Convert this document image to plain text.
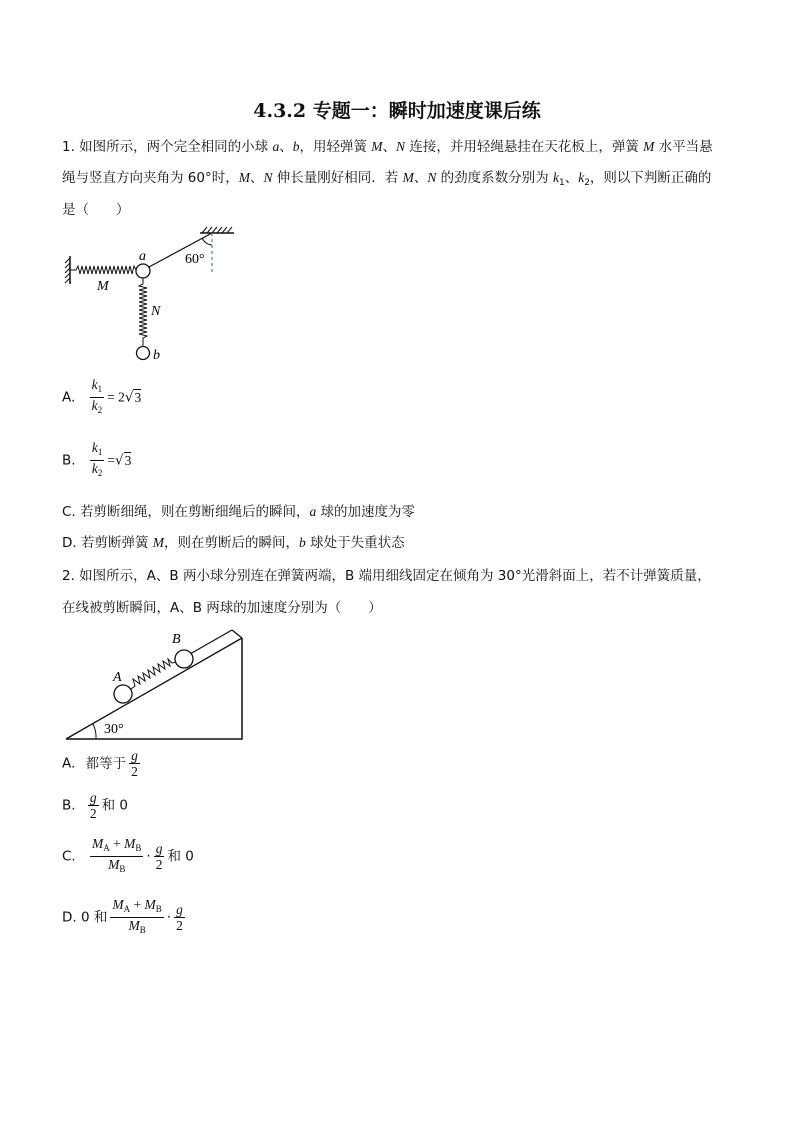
4.3.2 专题一：瞬时加速度课后练
1. 如图所示，两个完全相同的小球 a、b，用轻弹簧 M、N 连接，并用轻绳悬挂在天花板上，弹簧 M 水平当悬
绳与竖直方向夹角为 60°时，M、N 伸长量刚好相同．若 M、N 的劲度系数分别为 $k_1$、$k_2$，则以下判断正确的
是（　　）
a
M
60°
N
b
A. $\frac{k_1}{k_2} = 2√3$
B. $\frac{k_1}{k_2} =√3$
C. 若剪断细绳，则在剪断细绳后的瞬间，a 球的加速度为零
D. 若剪断弹簧 M，则在剪断后的瞬间，b 球处于失重状态
2. 如图所示，A、B 两小球分别连在弹簧两端，B 端用细线固定在倾角为 30°光滑斜面上，若不计弹簧质量，
在线被剪断瞬间，A、B 两球的加速度分别为（　　）
30°
A
B
A. 都等于 $\frac{g}{2}$
B. $\frac{g}{2}$ 和 0
C. $\frac{M_A + M_B}{M_B} \cdot \frac{g}{2}$ 和 0
D. 0 和 $\frac{M_A + M_B}{M_B} \cdot \frac{g}{2}$
